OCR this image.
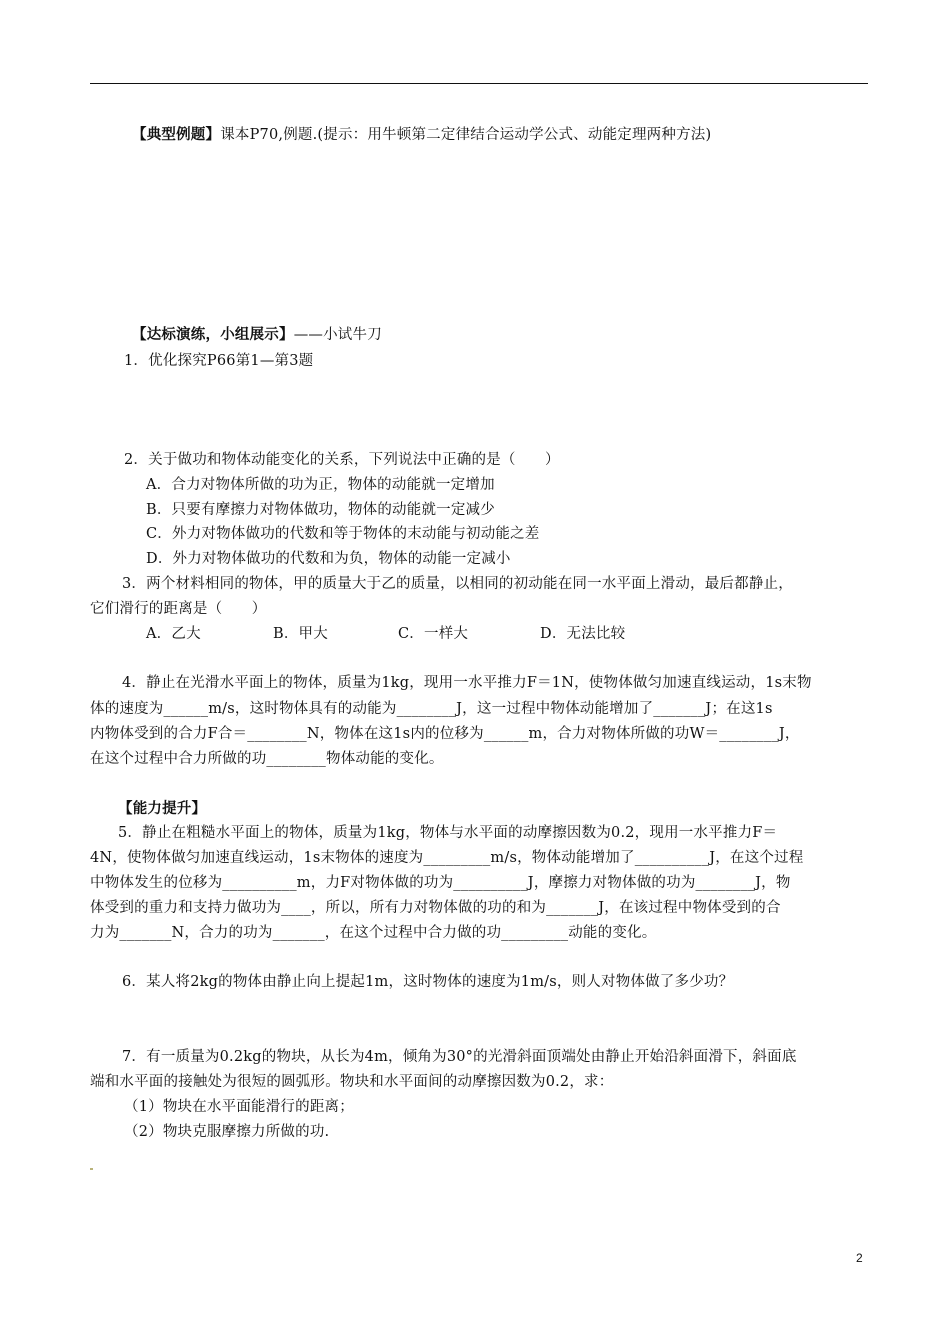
【典型例题】课本P70,例题.(提示：用牛顿第二定律结合运动学公式、动能定理两种方法)
【达标演练，小组展示】——小试牛刀
1．优化探究P66第1—第3题
2．关于做功和物体动能变化的关系，下列说法中正确的是（　　）
A．合力对物体所做的功为正，物体的动能就一定增加
B．只要有摩擦力对物体做功，物体的动能就一定减少
C．外力对物体做功的代数和等于物体的末动能与初动能之差
D．外力对物体做功的代数和为负，物体的动能一定减小
3．两个材料相同的物体，甲的质量大于乙的质量，以相同的初动能在同一水平面上滑动，最后都静止，
它们滑行的距离是（　　）
A．乙大	B．甲大	C．一样大	D．无法比较
4．静止在光滑水平面上的物体，质量为1kg，现用一水平推力F＝1N，使物体做匀加速直线运动，1s末物
体的速度为______m/s，这时物体具有的动能为________J，这一过程中物体动能增加了_______J；在这1s
内物体受到的合力F合＝________N，物体在这1s内的位移为______m，合力对物体所做的功W＝________J，
在这个过程中合力所做的功________物体动能的变化。
【能力提升】
5．静止在粗糙水平面上的物体，质量为1kg，物体与水平面的动摩擦因数为0.2，现用一水平推力F＝
4N，使物体做匀加速直线运动，1s末物体的速度为_________m/s，物体动能增加了__________J，在这个过程
中物体发生的位移为__________m，力F对物体做的功为__________J，摩擦力对物体做的功为________J，物
体受到的重力和支持力做功为____，所以，所有力对物体做的功的和为_______J，在该过程中物体受到的合
力为_______N，合力的功为_______，在这个过程中合力做的功_________动能的变化。
6．某人将2kg的物体由静止向上提起1m，这时物体的速度为1m/s，则人对物体做了多少功？
7．有一质量为0.2kg的物块，从长为4m，倾角为30°的光滑斜面顶端处由静止开始沿斜面滑下，斜面底
端和水平面的接触处为很短的圆弧形。物块和水平面间的动摩擦因数为0.2，求：
（1）物块在水平面能滑行的距离；
（2）物块克服摩擦力所做的功.
2
